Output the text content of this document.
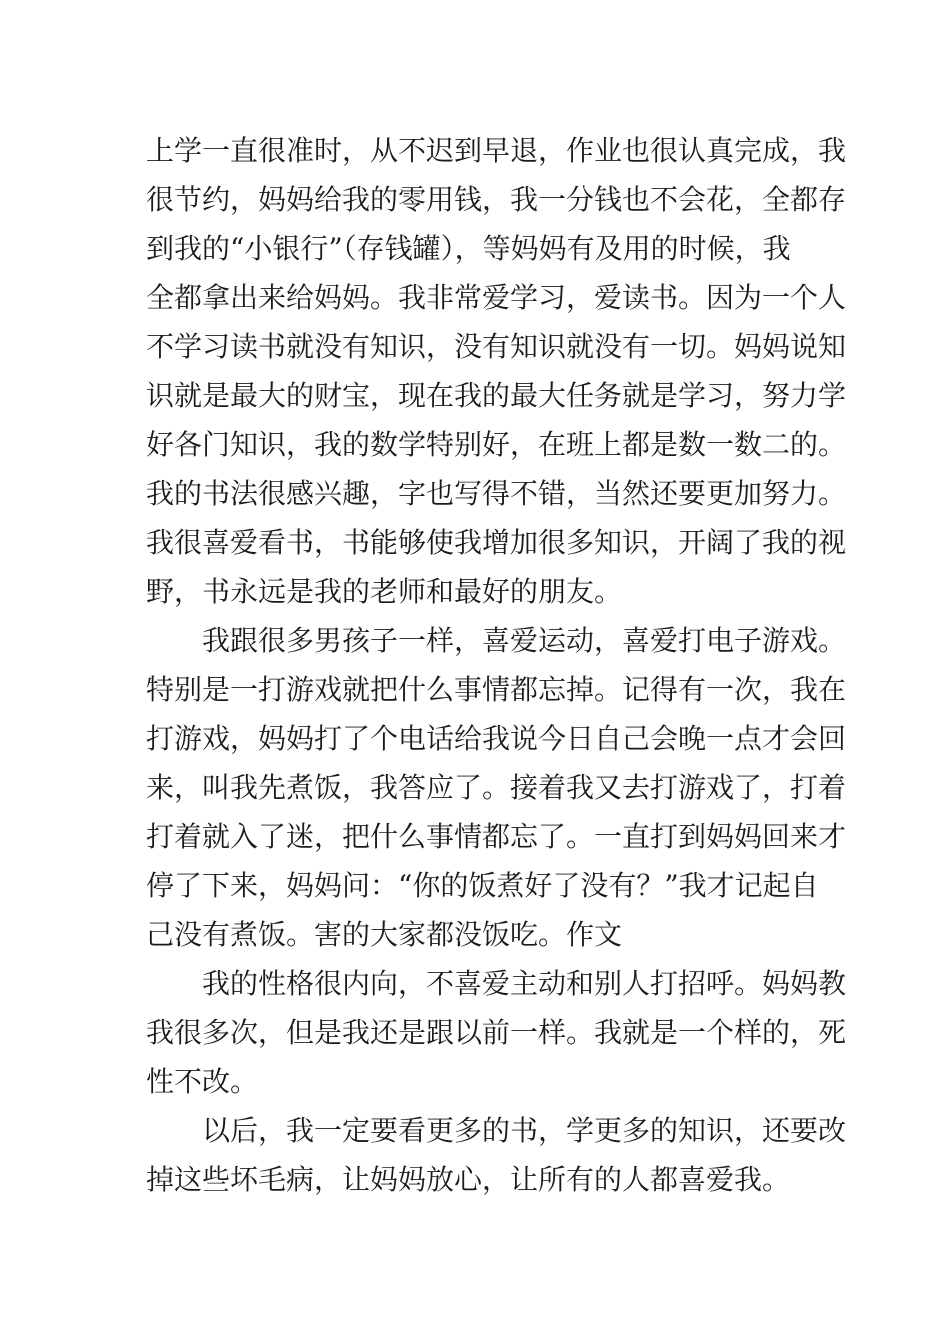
上学一直很准时，从不迟到早退，作业也很认真完成，我
很节约，妈妈给我的零用钱，我一分钱也不会花，全都存
到我的“小银行”（存钱罐），等妈妈有及用的时候，我
全都拿出来给妈妈。我非常爱学习，爱读书。因为一个人
不学习读书就没有知识，没有知识就没有一切。妈妈说知
识就是最大的财宝，现在我的最大任务就是学习，努力学
好各门知识，我的数学特别好，在班上都是数一数二的。
我的书法很感兴趣，字也写得不错，当然还要更加努力。
我很喜爱看书，书能够使我增加很多知识，开阔了我的视
野，书永远是我的老师和最好的朋友。
　　我跟很多男孩子一样，喜爱运动，喜爱打电子游戏。
特别是一打游戏就把什么事情都忘掉。记得有一次，我在
打游戏，妈妈打了个电话给我说今日自己会晚一点才会回
来，叫我先煮饭，我答应了。接着我又去打游戏了，打着
打着就入了迷，把什么事情都忘了。一直打到妈妈回来才
停了下来，妈妈问：“你的饭煮好了没有？”我才记起自
己没有煮饭。害的大家都没饭吃。作文
　　我的性格很内向，不喜爱主动和别人打招呼。妈妈教
我很多次，但是我还是跟以前一样。我就是一个样的，死
性不改。
　　以后，我一定要看更多的书，学更多的知识，还要改
掉这些坏毛病，让妈妈放心，让所有的人都喜爱我。
